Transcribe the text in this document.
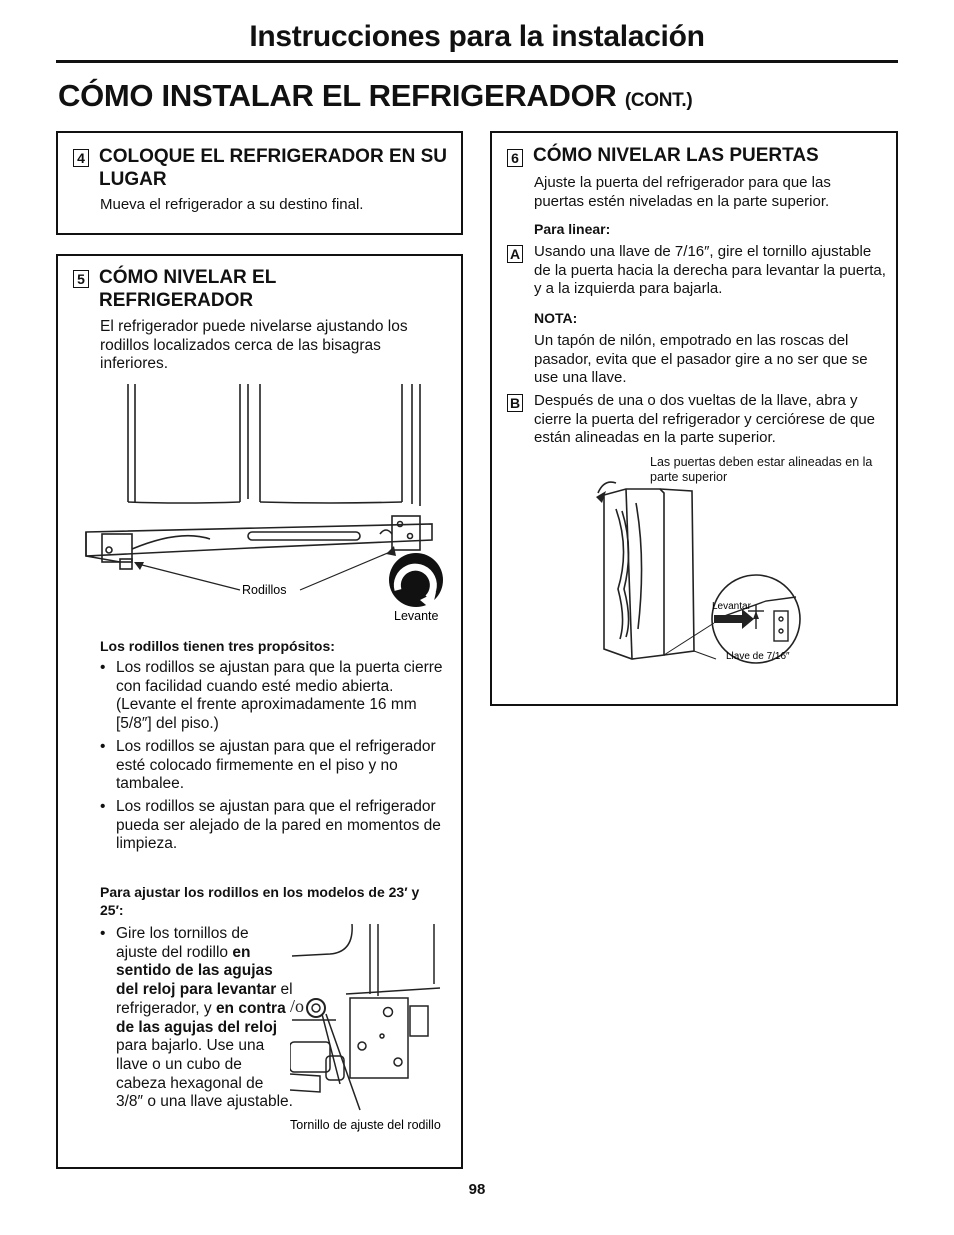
Instrucciones para la instalación
CÓMO INSTALAR EL REFRIGERADOR (CONT.)
4 COLOQUE EL REFRIGERADOR EN SU LUGAR
Mueva el refrigerador a su destino final.
5 CÓMO NIVELAR EL REFRIGERADOR
El refrigerador puede nivelarse ajustando los rodillos localizados cerca de las bisagras inferiores.
Rodillos
Levante
Los rodillos tienen tres propósitos:
• Los rodillos se ajustan para que la puerta cierre con facilidad cuando esté medio abierta. (Levante el frente aproximadamente 16 mm [5/8″] del piso.)
• Los rodillos se ajustan para que el refrigerador esté colocado firmemente en el piso y no tambalee.
• Los rodillos se ajustan para que el refrigerador pueda ser alejado de la pared en momentos de limpieza.
Para ajustar los rodillos en los modelos de 23′ y 25′:
• Gire los tornillos de ajuste del rodillo en sentido de las agujas del reloj para levantar el refrigerador, y en contra de las agujas del reloj para bajarlo. Use una llave o un cubo de cabeza hexagonal de 3/8″ o una llave ajustable.
/o
Tornillo de ajuste del rodillo
6 CÓMO NIVELAR LAS PUERTAS
Ajuste la puerta del refrigerador para que las puertas estén niveladas en la parte superior.
Para linear:
A Usando una llave de 7/16″, gire el tornillo ajustable de la puerta hacia la derecha para levantar la puerta, y a la izquierda para bajarla.
NOTA:
Un tapón de nilón, empotrado en las roscas del pasador, evita que el pasador gire a no ser que se use una llave.
B Después de una o dos vueltas de la llave, abra y cierre la puerta del refrigerador y cerciórese de que están alineadas en la parte superior.
Las puertas deben estar alineadas en la parte superior
Levantar
Llave de 7/16″
98
